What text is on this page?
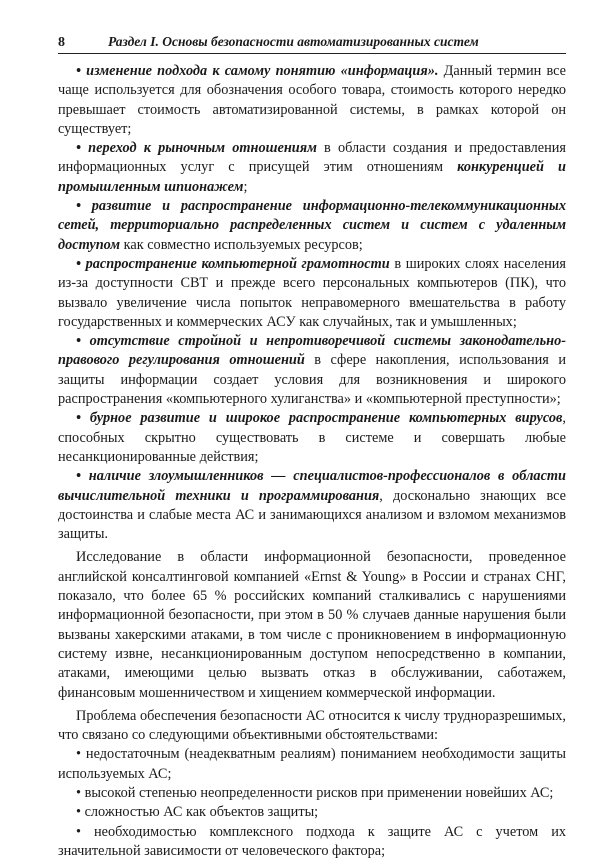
8	Раздел I. Основы безопасности автоматизированных систем

• изменение подхода к самому понятию «информация». Данный термин все чаще используется для обозначения особого товара, стоимость которого нередко превышает стоимость автоматизированной системы, в рамках которой он существует;

• переход к рыночным отношениям в области создания и предоставления информационных услуг с присущей этим отношениям конкуренцией и промышленным шпионажем;

• развитие и распространение информационно-телекоммуникационных сетей, территориально распределенных систем и систем с удаленным доступом как совместно используемых ресурсов;

• распространение компьютерной грамотности в широких слоях населения из-за доступности СВТ и прежде всего персональных компьютеров (ПК), что вызвало увеличение числа попыток неправомерного вмешательства в работу государственных и коммерческих АСУ как случайных, так и умышленных;

• отсутствие стройной и непротиворечивой системы законодательно-правового регулирования отношений в сфере накопления, использования и защиты информации создает условия для возникновения и широкого распространения «компьютерного хулиганства» и «компьютерной преступности»;

• бурное развитие и широкое распространение компьютерных вирусов, способных скрытно существовать в системе и совершать любые несанкционированные действия;

• наличие злоумышленников — специалистов-профессионалов в области вычислительной техники и программирования, досконально знающих все достоинства и слабые места АС и занимающихся анализом и взломом механизмов защиты.

Исследование в области информационной безопасности, проведенное английской консалтинговой компанией «Ernst & Young» в России и странах СНГ, показало, что более 65 % российских компаний сталкивались с нарушениями информационной безопасности, при этом в 50 % случаев данные нарушения были вызваны хакерскими атаками, в том числе с проникновением в информационную систему извне, несанкционированным доступом непосредственно в компании, атаками, имеющими целью вызвать отказ в обслуживании, саботажем, финансовым мошенничеством и хищением коммерческой информации.

Проблема обеспечения безопасности АС относится к числу трудноразрешимых, что связано со следующими объективными обстоятельствами:

• недостаточным (неадекватным реалиям) пониманием необходимости защиты используемых АС;

• высокой степенью неопределенности рисков при применении новейших АС;

• сложностью АС как объектов защиты;

• необходимостью комплексного подхода к защите АС с учетом их значительной зависимости от человеческого фактора;
